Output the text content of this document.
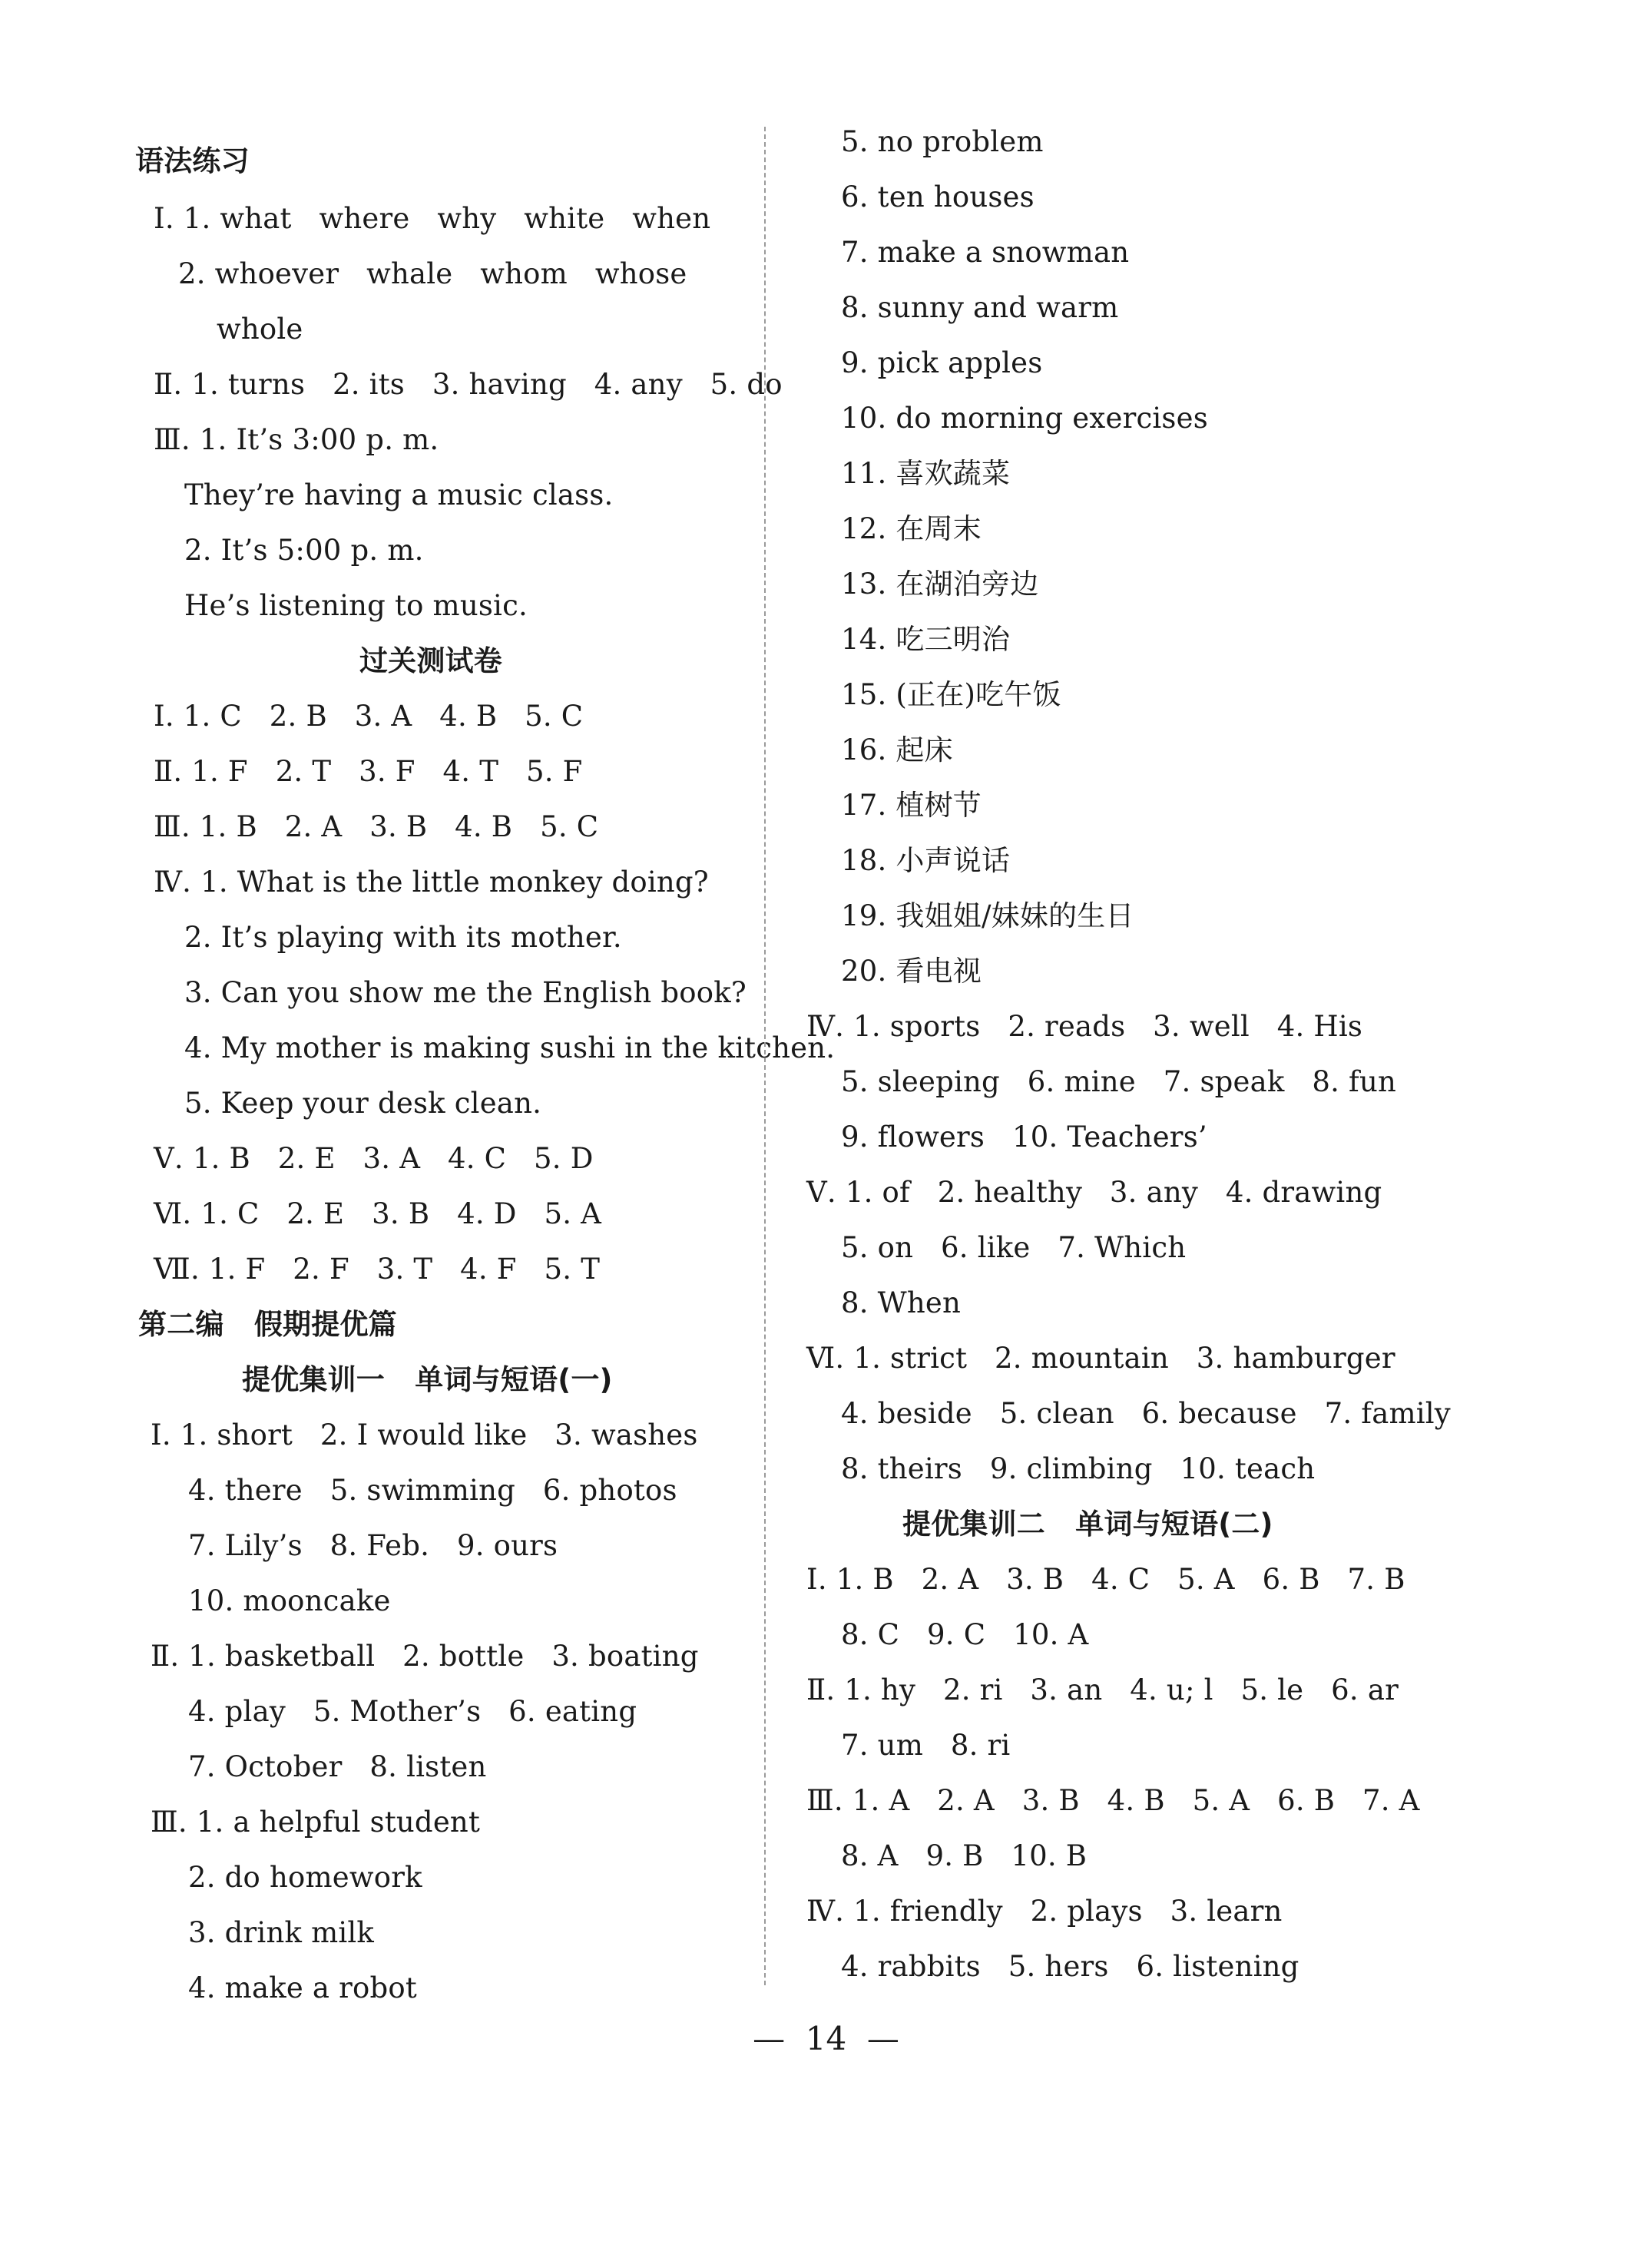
语法练习
Ⅰ. 1. what   where   why   white   when
2. whoever   whale   whom   whose
whole
Ⅱ. 1. turns   2. its   3. having   4. any   5. do
Ⅲ. 1. It’s 3:00 p. m.
They’re having a music class.
2. It’s 5:00 p. m.
He’s listening to music.
过关测试卷
Ⅰ. 1. C   2. B   3. A   4. B   5. C
Ⅱ. 1. F   2. T   3. F   4. T   5. F
Ⅲ. 1. B   2. A   3. B   4. B   5. C
Ⅳ. 1. What is the little monkey doing?
2. It’s playing with its mother.
3. Can you show me the English book?
4. My mother is making sushi in the kitchen.
5. Keep your desk clean.
Ⅴ. 1. B   2. E   3. A   4. C   5. D
Ⅵ. 1. C   2. E   3. B   4. D   5. A
Ⅶ. 1. F   2. F   3. T   4. F   5. T
第二编   假期提优篇
提优集训一   单词与短语(一)
Ⅰ. 1. short   2. I would like   3. washes
4. there   5. swimming   6. photos
7. Lily’s   8. Feb.   9. ours
10. mooncake
Ⅱ. 1. basketball   2. bottle   3. boating
4. play   5. Mother’s   6. eating
7. October   8. listen
Ⅲ. 1. a helpful student
2. do homework
3. drink milk
4. make a robot
5. no problem
6. ten houses
7. make a snowman
8. sunny and warm
9. pick apples
10. do morning exercises
11. 喜欢蔬菜
12. 在周末
13. 在湖泊旁边
14. 吃三明治
15. (正在)吃午饭
16. 起床
17. 植树节
18. 小声说话
19. 我姐姐/妹妹的生日
20. 看电视
Ⅳ. 1. sports   2. reads   3. well   4. His
5. sleeping   6. mine   7. speak   8. fun
9. flowers   10. Teachers’
Ⅴ. 1. of   2. healthy   3. any   4. drawing
5. on   6. like   7. Which
8. When
Ⅵ. 1. strict   2. mountain   3. hamburger
4. beside   5. clean   6. because   7. family
8. theirs   9. climbing   10. teach
提优集训二   单词与短语(二)
Ⅰ. 1. B   2. A   3. B   4. C   5. A   6. B   7. B
8. C   9. C   10. A
Ⅱ. 1. hy   2. ri   3. an   4. u; l   5. le   6. ar
7. um   8. ri
Ⅲ. 1. A   2. A   3. B   4. B   5. A   6. B   7. A
8. A   9. B   10. B
Ⅳ. 1. friendly   2. plays   3. learn
4. rabbits   5. hers   6. listening
—  14  —
